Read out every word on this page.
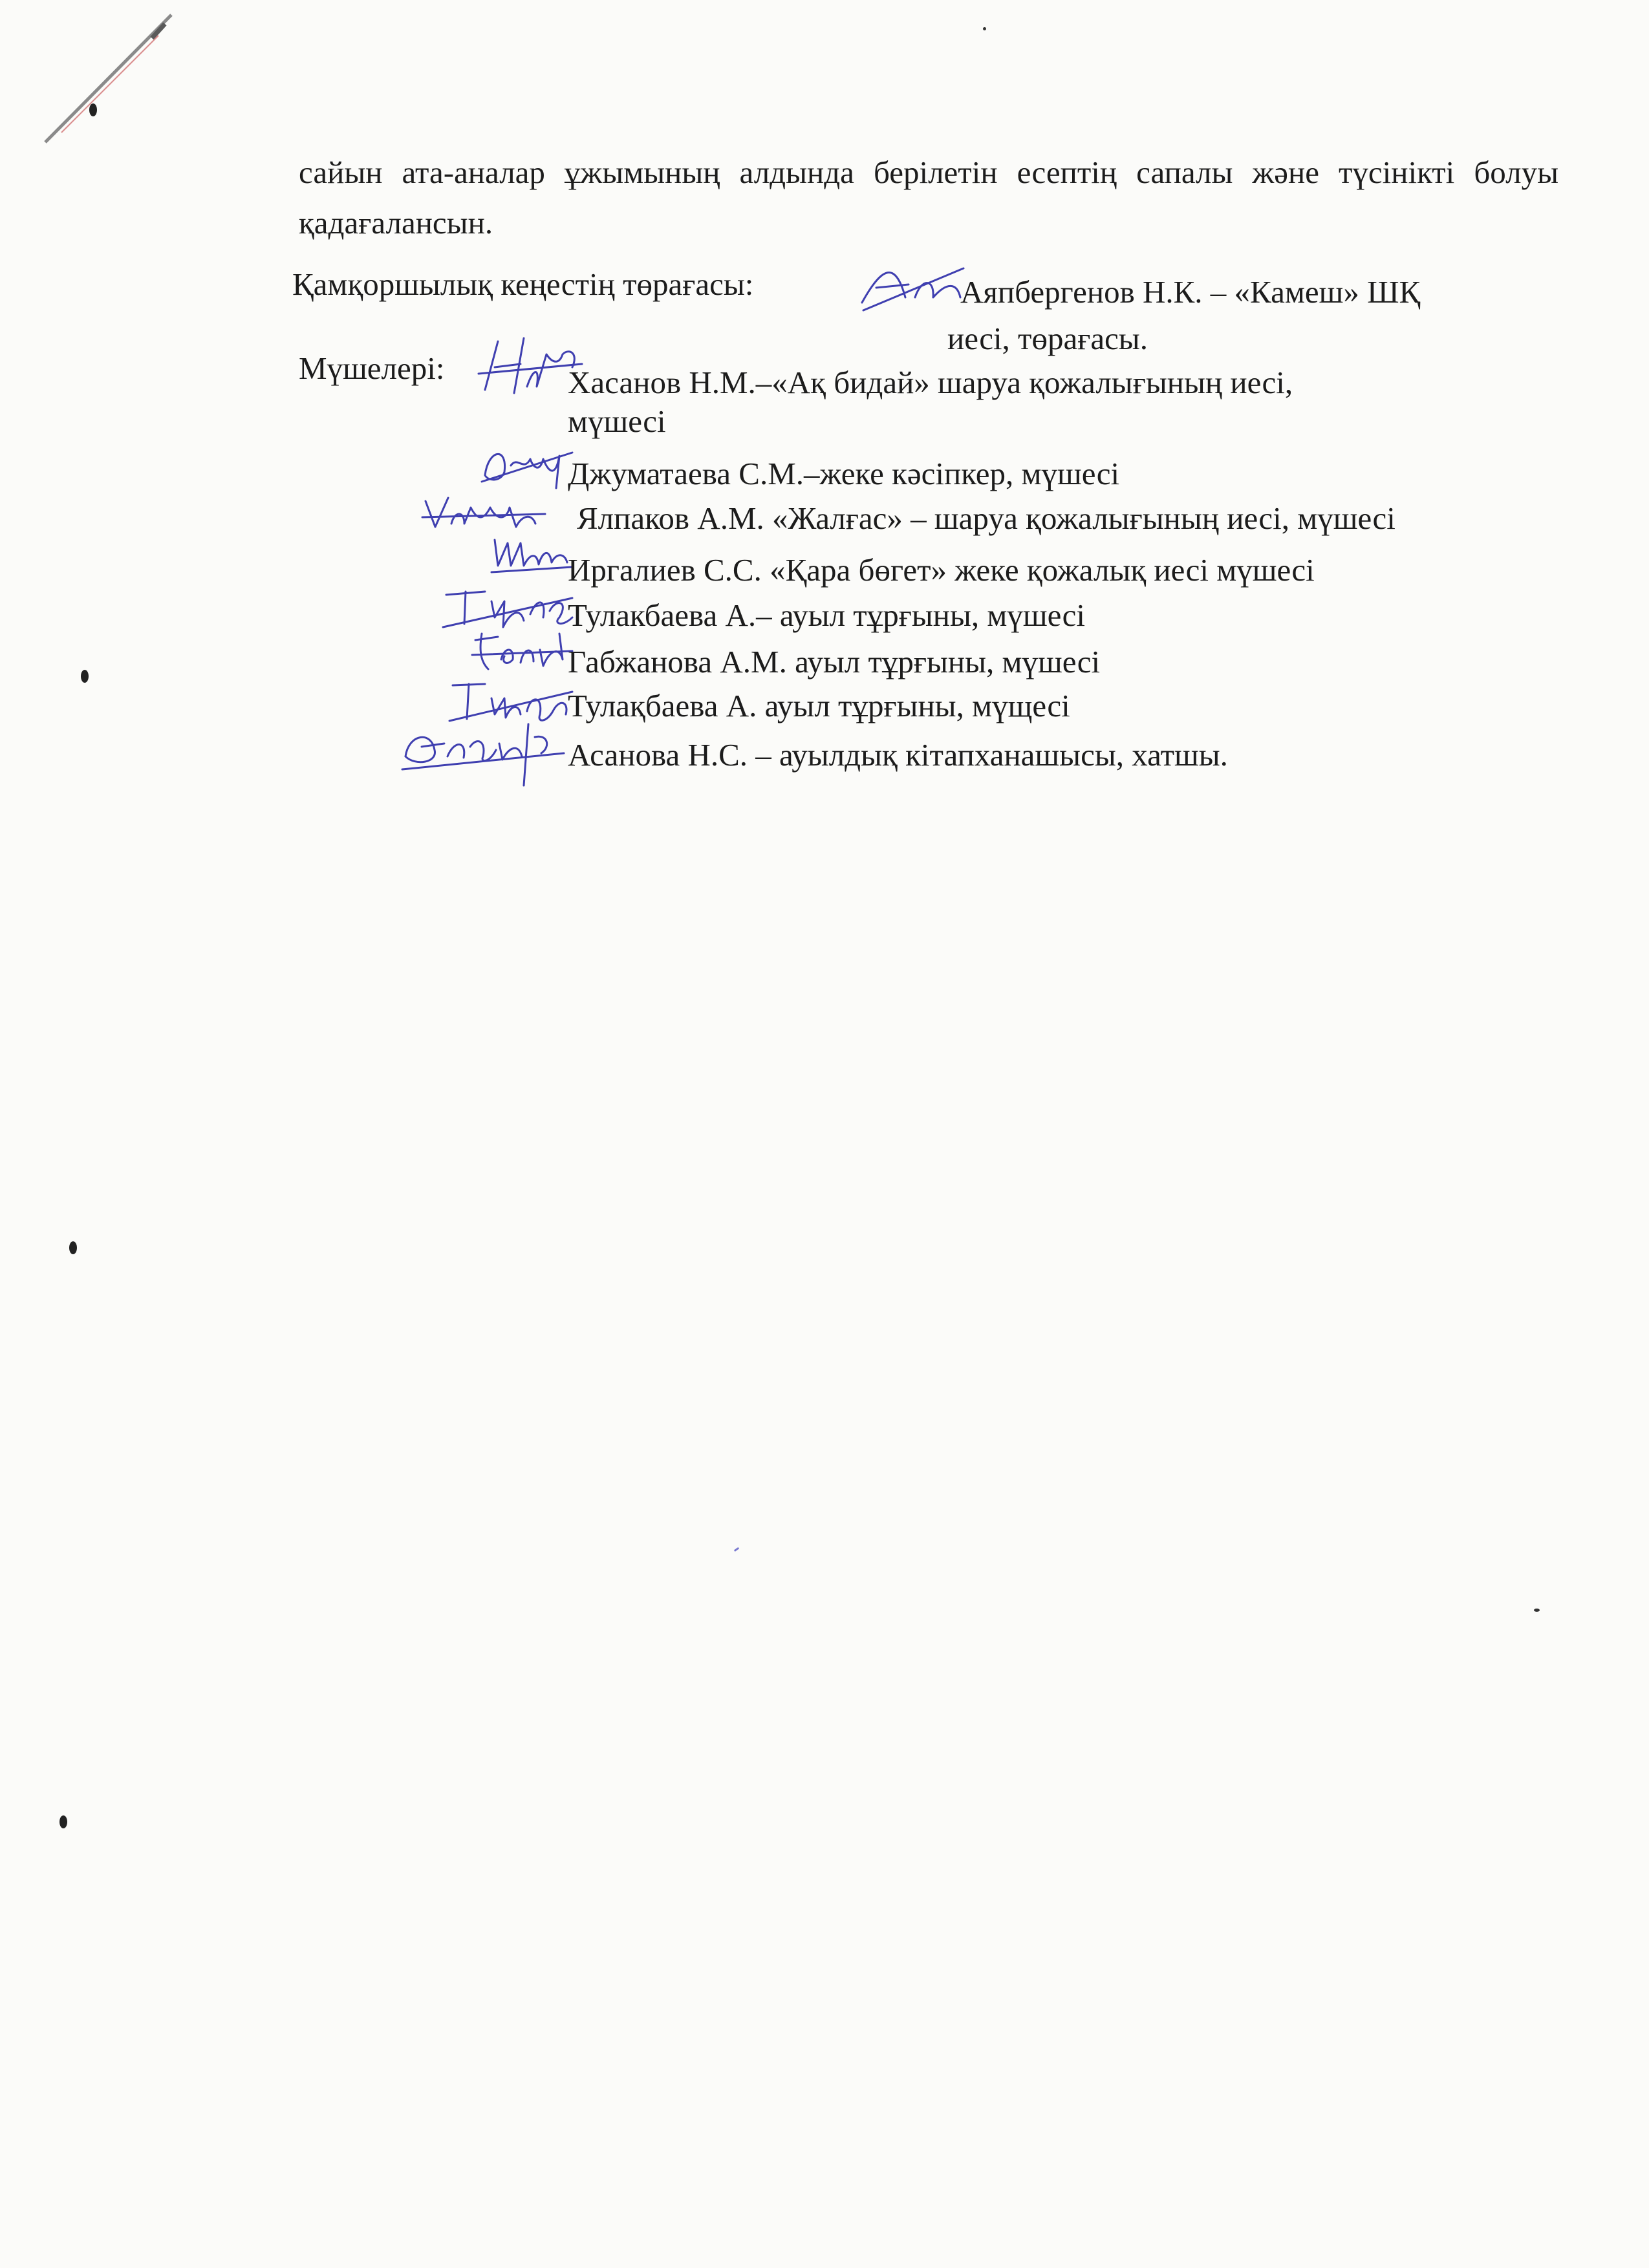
сайын ата-аналар ұжымының алдында берілетін есептің сапалы және түсінікті болуы қадағалансын.
Қамқоршылық кеңестің төрағасы:	Аяпбергенов Н.К. – «Камеш» ШҚ
иесі, төрағасы.
Мүшелері:	Хасанов Н.М.–«Ақ бидай» шаруа қожалығының иесі,
мүшесі
Джуматаева С.М.–жеке кәсіпкер, мүшесі
Ялпаков А.М. «Жалғас» – шаруа қожалығының иесі, мүшесі
Иргалиев С.С. «Қара бөгет» жеке қожалық иесі мүшесі
Тулакбаева А.– ауыл тұрғыны, мүшесі
Габжанова А.М. ауыл тұрғыны, мүшесі
Тулақбаева А. ауыл тұрғыны, мүщесі
Асанова Н.С. – ауылдық кітапханашысы, хатшы.
